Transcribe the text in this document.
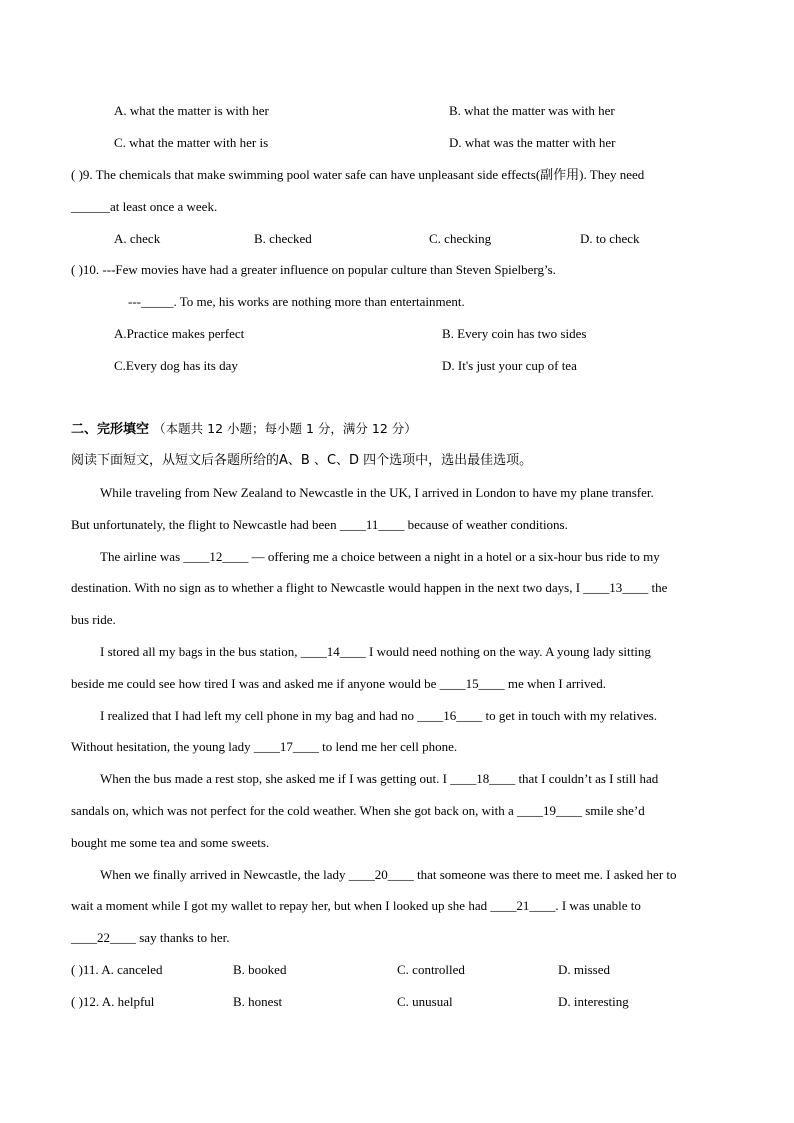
A. what the matter is with her	B. what the matter was with her
C. what the matter with her is	D. what was the matter with her
( )9. The chemicals that make swimming pool water safe can have unpleasant side effects(副作用). They need
______at least once a week.
A. check	B. checked	C. checking	D. to check
( )10. ---Few movies have had a greater influence on popular culture than Steven Spielberg’s.
---_____. To me, his works are nothing more than entertainment.
A.Practice makes perfect	B. Every coin has two sides
C.Every dog has its day	D. It's just your cup of tea
二、完形填空 （本题共 12 小题；每小题 1 分，满分 12 分）
阅读下面短文，从短文后各题所给的A、B 、C、D 四个选项中，选出最佳选项。
While traveling from New Zealand to Newcastle in the UK, I arrived in London to have my plane transfer.
But unfortunately, the flight to Newcastle had been ____11____ because of weather conditions.
The airline was ____12____ — offering me a choice between a night in a hotel or a six-hour bus ride to my
destination. With no sign as to whether a flight to Newcastle would happen in the next two days, I ____13____ the
bus ride.
I stored all my bags in the bus station, ____14____ I would need nothing on the way. A young lady sitting
beside me could see how tired I was and asked me if anyone would be ____15____ me when I arrived.
I realized that I had left my cell phone in my bag and had no ____16____ to get in touch with my relatives.
Without hesitation, the young lady ____17____ to lend me her cell phone.
When the bus made a rest stop, she asked me if I was getting out. I ____18____ that I couldn’t as I still had
sandals on, which was not perfect for the cold weather. When she got back on, with a ____19____ smile she’d
bought me some tea and some sweets.
When we finally arrived in Newcastle, the lady ____20____ that someone was there to meet me. I asked her to
wait a moment while I got my wallet to repay her, but when I looked up she had ____21____. I was unable to
____22____ say thanks to her.
( )11. A. canceled	B. booked	C. controlled	D. missed
( )12. A. helpful	B. honest	C. unusual	D. interesting
